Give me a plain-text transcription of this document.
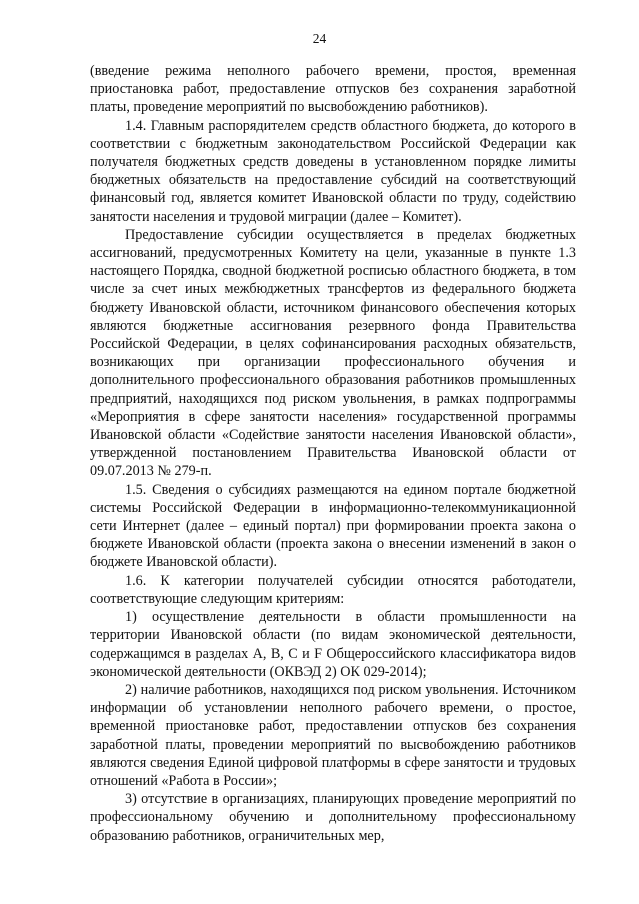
24

(введение режима неполного рабочего времени, простоя, временная приостановка работ, предоставление отпусков без сохранения заработной платы, проведение мероприятий по высвобождению работников).

1.4. Главным распорядителем средств областного бюджета, до которого в соответствии с бюджетным законодательством Российской Федерации как получателя бюджетных средств доведены в установленном порядке лимиты бюджетных обязательств на предоставление субсидий на соответствующий финансовый год, является комитет Ивановской области по труду, содействию занятости населения и трудовой миграции (далее – Комитет).

Предоставление субсидии осуществляется в пределах бюджетных ассигнований, предусмотренных Комитету на цели, указанные в пункте 1.3 настоящего Порядка, сводной бюджетной росписью областного бюджета, в том числе за счет иных межбюджетных трансфертов из федерального бюджета бюджету Ивановской области, источником финансового обеспечения которых являются бюджетные ассигнования резервного фонда Правительства Российской Федерации, в целях софинансирования расходных обязательств, возникающих при организации профессионального обучения и дополнительного профессионального образования работников промышленных предприятий, находящихся под риском увольнения, в рамках подпрограммы «Мероприятия в сфере занятости населения» государственной программы Ивановской области «Содействие занятости населения Ивановской области», утвержденной постановлением Правительства Ивановской области от 09.07.2013 № 279-п.

1.5. Сведения о субсидиях размещаются на едином портале бюджетной системы Российской Федерации в информационно-телекоммуникационной сети Интернет (далее – единый портал) при формировании проекта закона о бюджете Ивановской области (проекта закона о внесении изменений в закон о бюджете Ивановской области).

1.6. К категории получателей субсидии относятся работодатели, соответствующие следующим критериям:

1) осуществление деятельности в области промышленности на территории Ивановской области (по видам экономической деятельности, содержащимся в разделах A, B, C и F Общероссийского классификатора видов экономической деятельности (ОКВЭД 2) ОК 029-2014);

2) наличие работников, находящихся под риском увольнения. Источником информации об установлении неполного рабочего времени, о простое, временной приостановке работ, предоставлении отпусков без сохранения заработной платы, проведении мероприятий по высвобождению работников являются сведения Единой цифровой платформы в сфере занятости и трудовых отношений «Работа в России»;

3) отсутствие в организациях, планирующих проведение мероприятий по профессиональному обучению и дополнительному профессиональному образованию работников, ограничительных мер,
